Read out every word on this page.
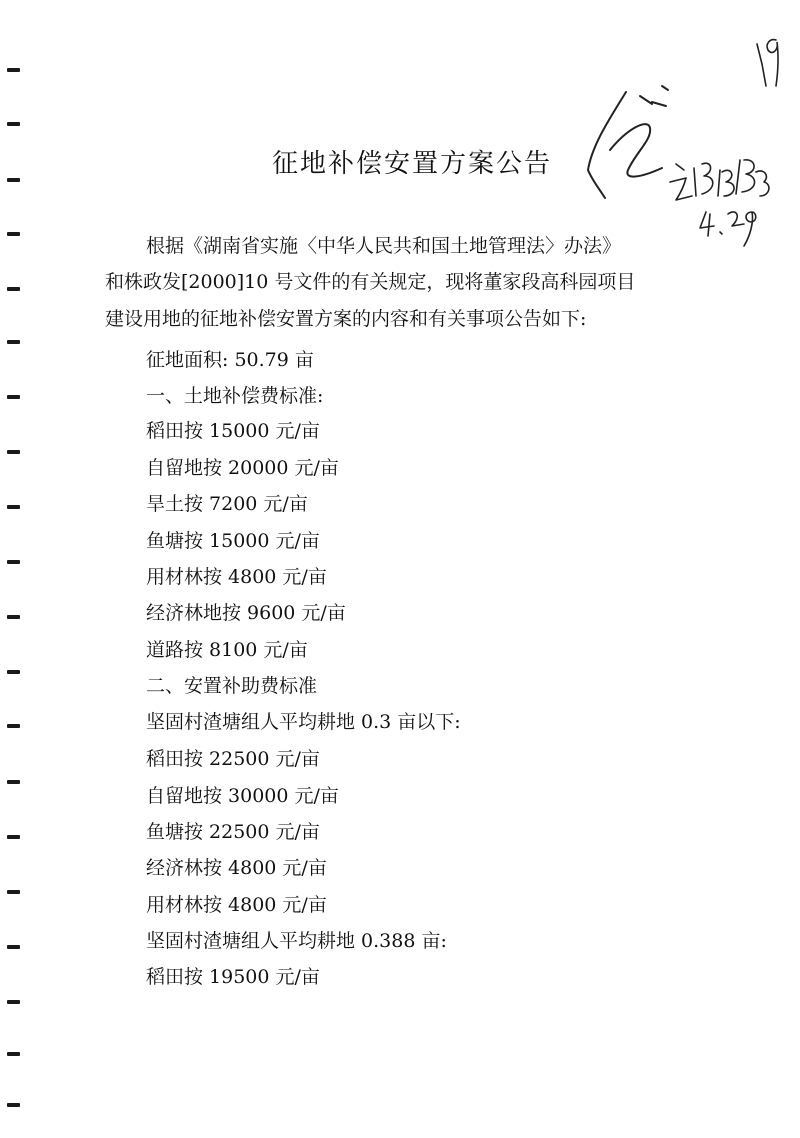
征地补偿安置方案公告
根据《湖南省实施〈中华人民共和国土地管理法〉办法》
和株政发[2000]10 号文件的有关规定，现将董家段高科园项目
建设用地的征地补偿安置方案的内容和有关事项公告如下:
征地面积: 50.79 亩
一、土地补偿费标准:
稻田按 15000 元/亩
自留地按 20000 元/亩
旱土按 7200 元/亩
鱼塘按 15000 元/亩
用材林按 4800 元/亩
经济林地按 9600 元/亩
道路按 8100 元/亩
二、安置补助费标准
坚固村渣塘组人平均耕地 0.3 亩以下:
稻田按 22500 元/亩
自留地按 30000 元/亩
鱼塘按 22500 元/亩
经济林按 4800 元/亩
用材林按 4800 元/亩
坚固村渣塘组人平均耕地 0.388 亩:
稻田按 19500 元/亩
